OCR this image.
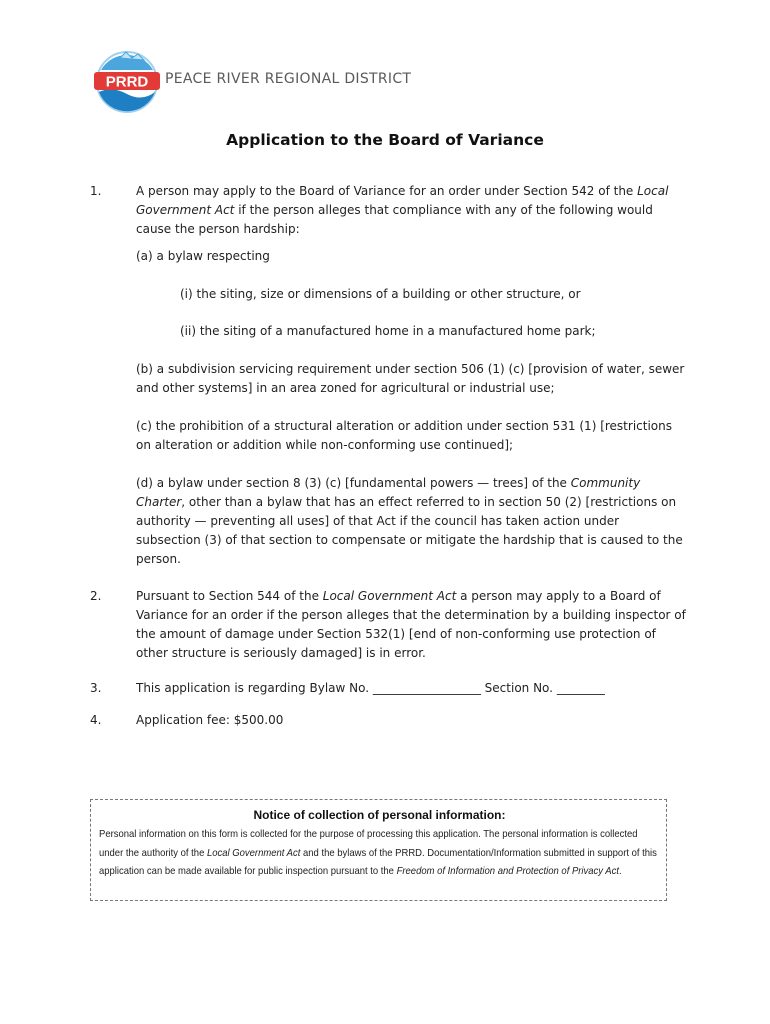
PRRD PEACE RIVER REGIONAL DISTRICT
Application to the Board of Variance
1.	A person may apply to the Board of Variance for an order under Section 542 of the Local Government Act if the person alleges that compliance with any of the following would cause the person hardship:

(a) a bylaw respecting

(i) the siting, size or dimensions of a building or other structure, or

(ii) the siting of a manufactured home in a manufactured home park;

(b) a subdivision servicing requirement under section 506 (1) (c) [provision of water, sewer and other systems] in an area zoned for agricultural or industrial use;

(c) the prohibition of a structural alteration or addition under section 531 (1) [restrictions on alteration or addition while non-conforming use continued];

(d) a bylaw under section 8 (3) (c) [fundamental powers — trees] of the Community Charter, other than a bylaw that has an effect referred to in section 50 (2) [restrictions on authority — preventing all uses] of that Act if the council has taken action under subsection (3) of that section to compensate or mitigate the hardship that is caused to the person.

2.	Pursuant to Section 544 of the Local Government Act a person may apply to a Board of Variance for an order if the person alleges that the determination by a building inspector of the amount of damage under Section 532(1) [end of non-conforming use protection of other structure is seriously damaged] is in error.

3.	This application is regarding Bylaw No. __________________ Section No. ________

4.	Application fee: $500.00

Notice of collection of personal information:

Personal information on this form is collected for the purpose of processing this application. The personal information is collected under the authority of the Local Government Act and the bylaws of the PRRD. Documentation/Information submitted in support of this application can be made available for public inspection pursuant to the Freedom of Information and Protection of Privacy Act.
